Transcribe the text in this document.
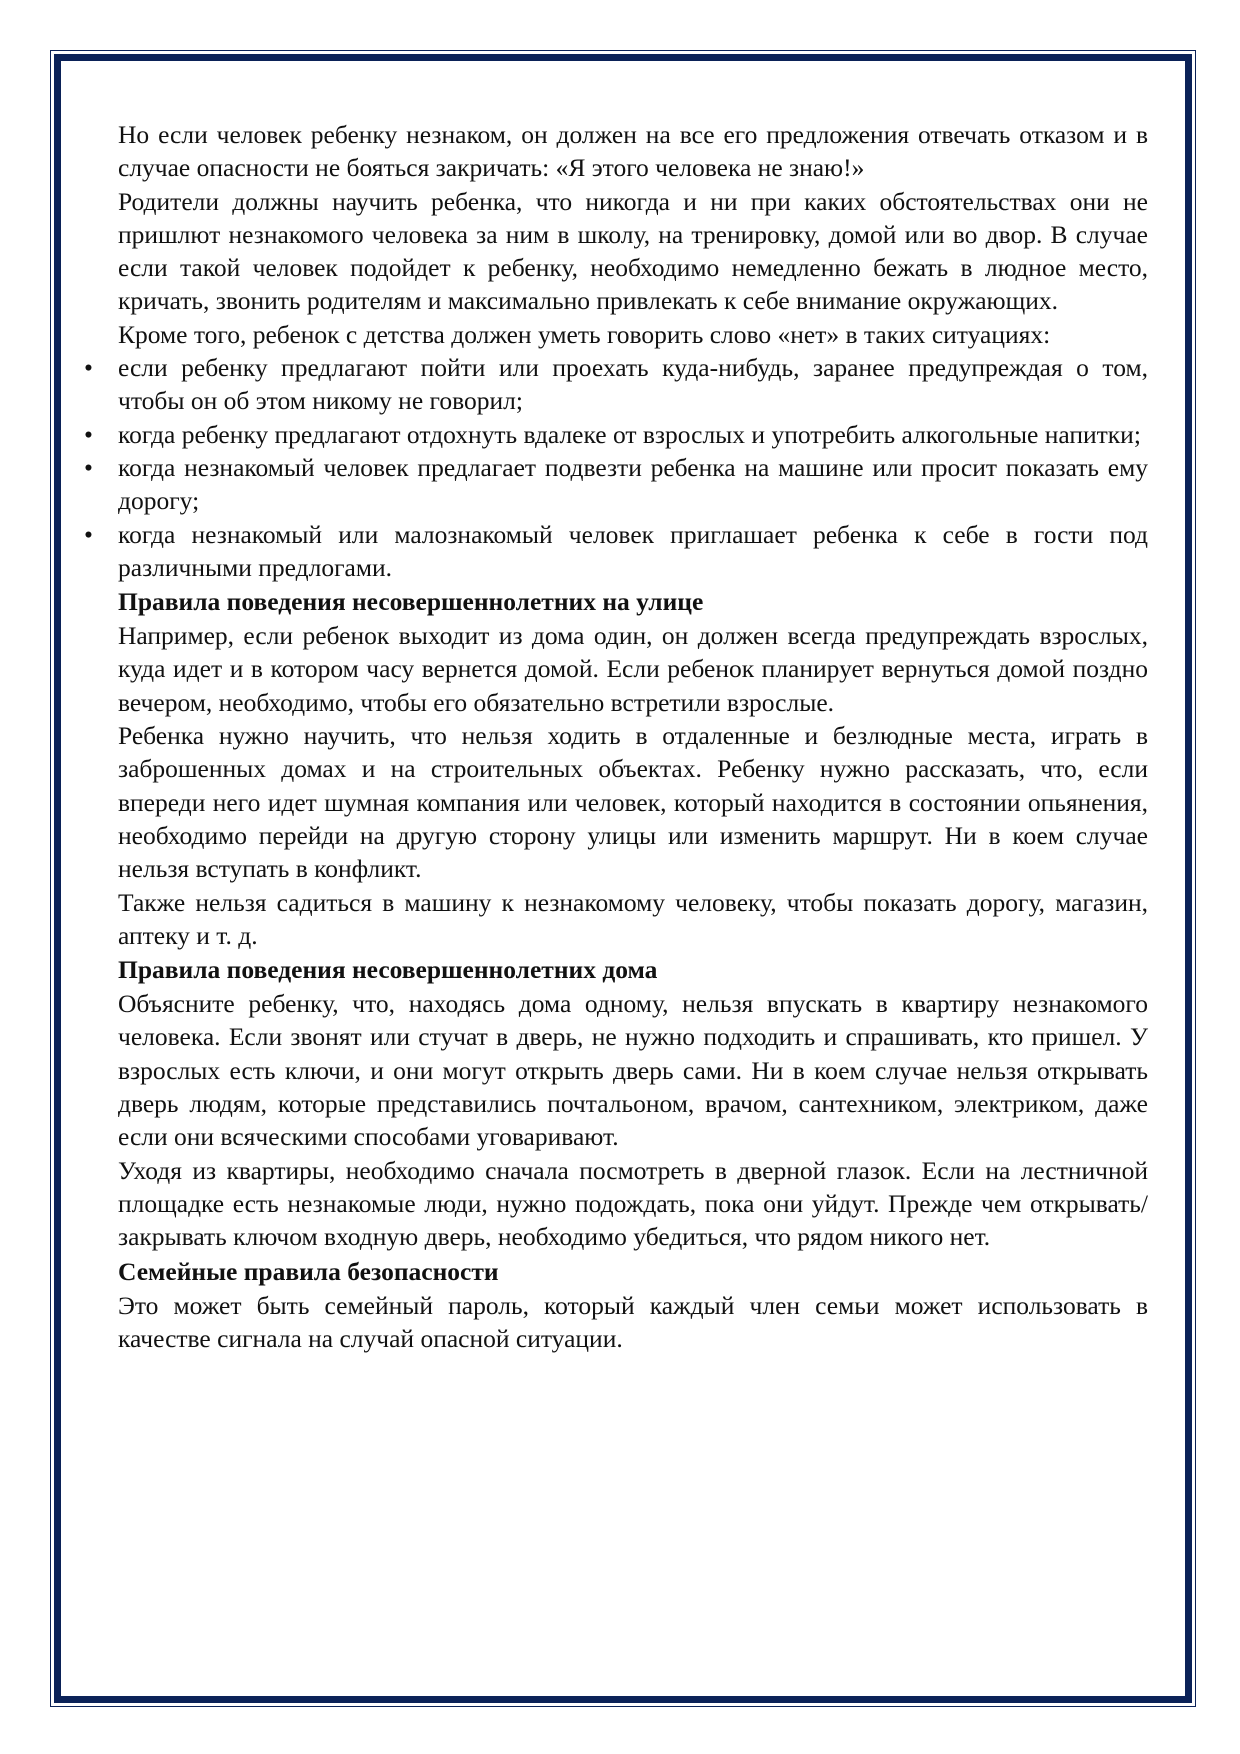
Но если человек ребенку незнаком, он должен на все его предложения отвечать отказом и в случае опасности не бояться закричать: «Я этого человека не знаю!»

Родители должны научить ребенка, что никогда и ни при каких обстоятельствах они не пришлют незнакомого человека за ним в школу, на тренировку, домой или во двор. В случае если такой человек подойдет к ребенку, необходимо немедленно бежать в людное место, кричать, звонить родителям и максимально привлекать к себе внимание окружающих.

Кроме того, ребенок с детства должен уметь говорить слово «нет» в таких ситуациях:

• если ребенку предлагают пойти или проехать куда-нибудь, заранее предупреждая о том, чтобы он об этом никому не говорил;
• когда ребенку предлагают отдохнуть вдалеке от взрослых и употребить алкогольные напитки;
• когда незнакомый человек предлагает подвезти ребенка на машине или просит показать ему дорогу;
• когда незнакомый или малознакомый человек приглашает ребенка к себе в гости под различными предлогами.
Правила поведения несовершеннолетних на улице

Например, если ребенок выходит из дома один, он должен всегда предупреждать взрослых, куда идет и в котором часу вернется домой. Если ребенок планирует вернуться домой поздно вечером, необходимо, чтобы его обязательно встретили взрослые.

Ребенка нужно научить, что нельзя ходить в отдаленные и безлюдные места, играть в заброшенных домах и на строительных объектах. Ребенку нужно рассказать, что, если впереди него идет шумная компания или человек, который находится в состоянии опьянения, необходимо перейди на другую сторону улицы или изменить маршрут. Ни в коем случае нельзя вступать в конфликт.

Также нельзя садиться в машину к незнакомому человеку, чтобы показать дорогу, магазин, аптеку и т. д.

Правила поведения несовершеннолетних дома

Объясните ребенку, что, находясь дома одному, нельзя впускать в квартиру незнакомого человека. Если звонят или стучат в дверь, не нужно подходить и спрашивать, кто пришел. У взрослых есть ключи, и они могут открыть дверь сами. Ни в коем случае нельзя открывать дверь людям, которые представились почтальоном, врачом, сантехником, электриком, даже если они всяческими способами уговаривают.

Уходя из квартиры, необходимо сначала посмотреть в дверной глазок. Если на лестничной площадке есть незнакомые люди, нужно подождать, пока они уйдут. Прежде чем открывать/закрывать ключом входную дверь, необходимо убедиться, что рядом никого нет.

Семейные правила безопасности

Это может быть семейный пароль, который каждый член семьи может использовать в качестве сигнала на случай опасной ситуации.
